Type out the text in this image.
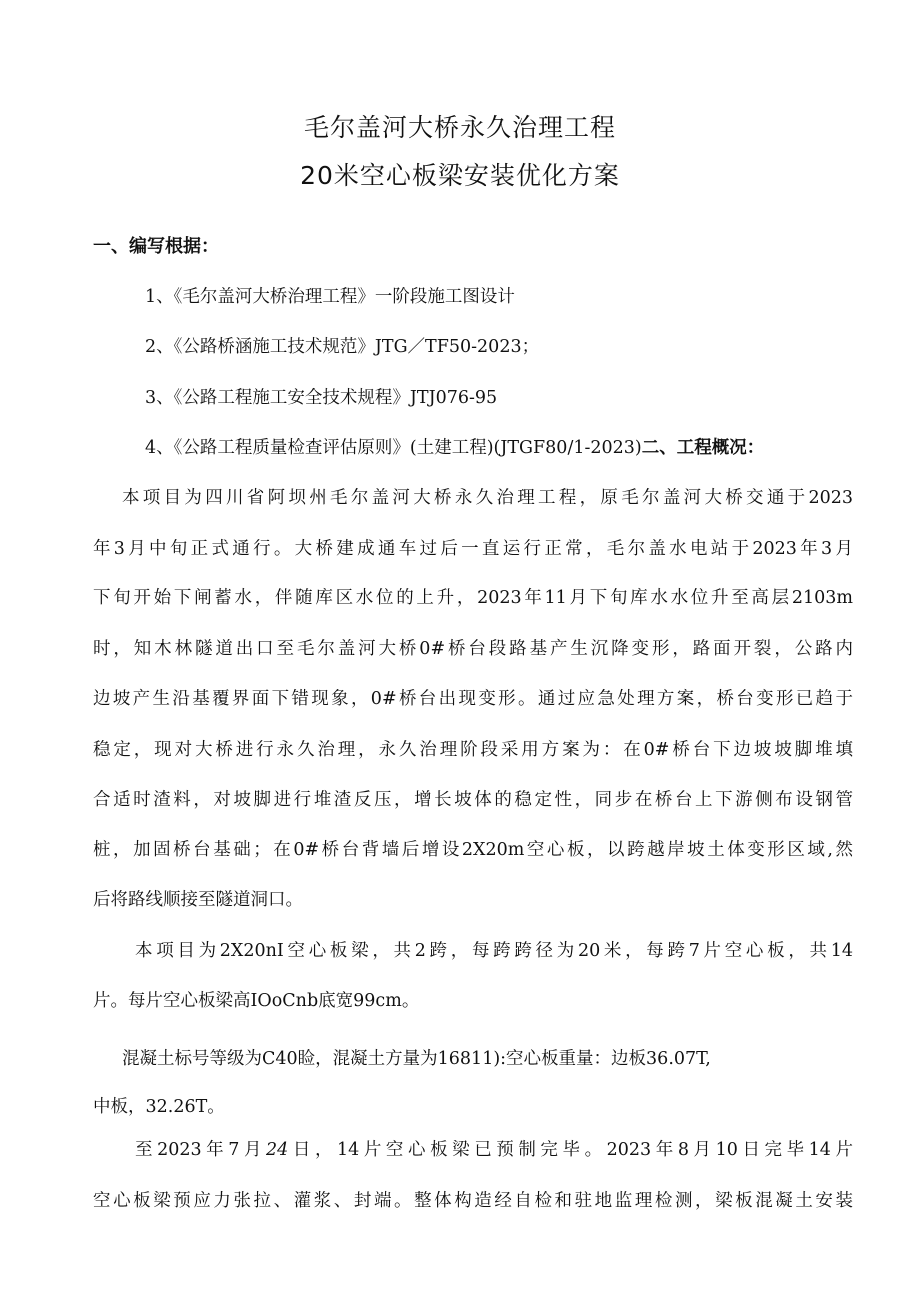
毛尔盖河大桥永久治理工程
20米空心板梁安装优化方案
一、编写根据：
1、《毛尔盖河大桥治理工程》一阶段施工图设计
2、《公路桥涵施工技术规范》JTG／TF50-2023；
3、《公路工程施工安全技术规程》JTJ076-95
4、《公路工程质量检查评估原则》(土建工程)(JTGF80/1-2023)二、工程概况：
本项目为四川省阿坝州毛尔盖河大桥永久治理工程，原毛尔盖河大桥交通于2023
年3月中旬正式通行。大桥建成通车过后一直运行正常，毛尔盖水电站于2023年3月
下旬开始下闸蓄水，伴随库区水位的上升，2023年11月下旬库水水位升至高层2103m
时，知木林隧道出口至毛尔盖河大桥0#桥台段路基产生沉降变形，路面开裂，公路内
边坡产生沿基覆界面下错现象，0#桥台出现变形。通过应急处理方案，桥台变形已趋于
稳定，现对大桥进行永久治理，永久治理阶段采用方案为：在0#桥台下边坡坡脚堆填
合适时渣料，对坡脚进行堆渣反压，增长坡体的稳定性，同步在桥台上下游侧布设钢管
桩，加固桥台基础；在0#桥台背墙后增设2X20m空心板，以跨越岸坡土体变形区域,然
后将路线顺接至隧道洞口。
本项目为2X20nI空心板梁，共2跨，每跨跨径为20米，每跨7片空心板，共14
片。每片空心板梁高IOoCnb底宽99cm。
混凝土标号等级为C40睑，混凝土方量为16811):空心板重量：边板36.07T,
中板，32.26T。
至2023年7月24日，14片空心板梁已预制完毕。2023年8月10日完毕14片
空心板梁预应力张拉、灌浆、封端。整体构造经自检和驻地监理检测，梁板混凝土安装
